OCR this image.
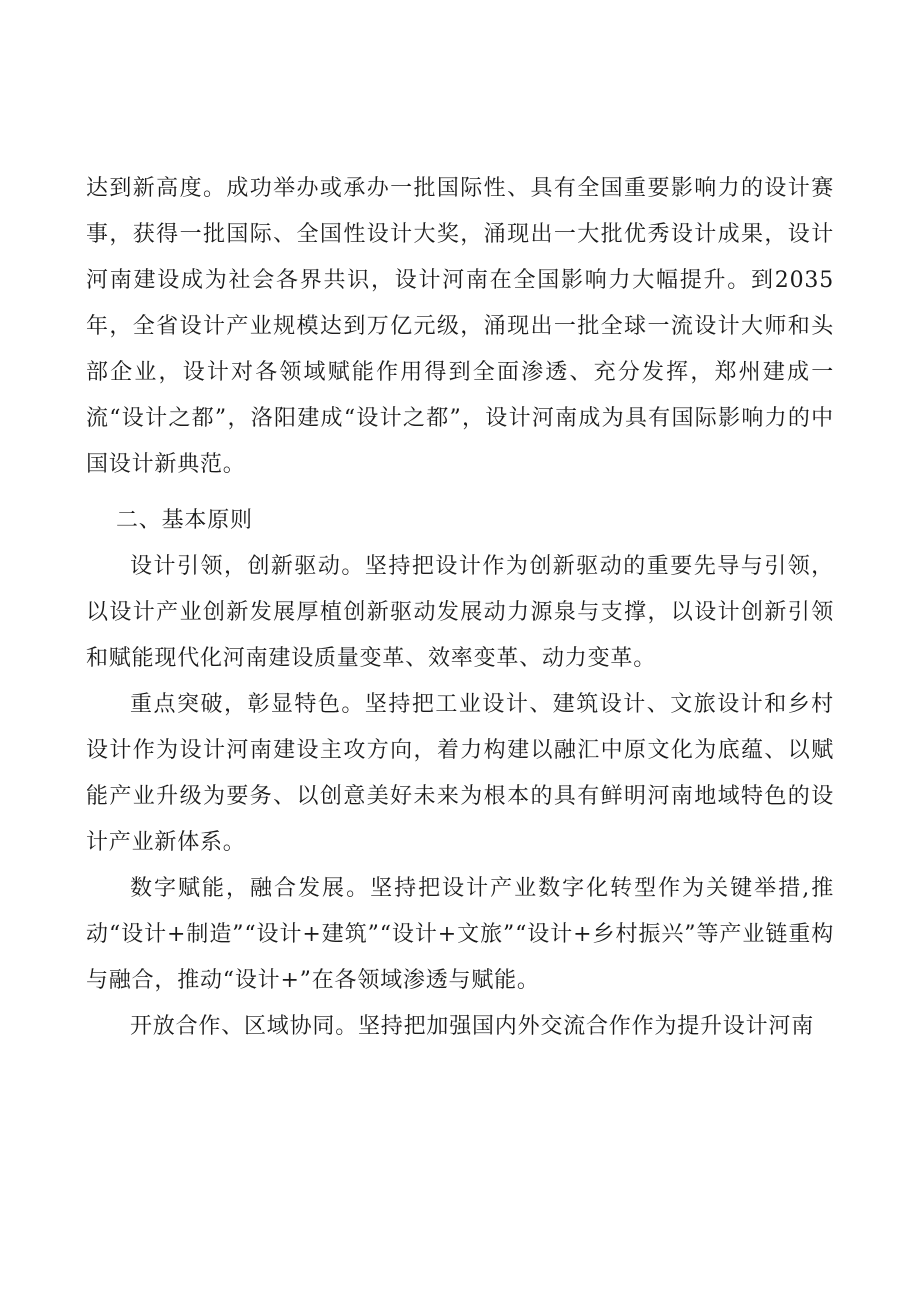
达到新高度。成功举办或承办一批国际性、具有全国重要影响力的设计赛事，获得一批国际、全国性设计大奖，涌现出一大批优秀设计成果，设计河南建设成为社会各界共识，设计河南在全国影响力大幅提升。到2035年，全省设计产业规模达到万亿元级，涌现出一批全球一流设计大师和头部企业，设计对各领域赋能作用得到全面渗透、充分发挥，郑州建成一流“设计之都”，洛阳建成“设计之都”，设计河南成为具有国际影响力的中国设计新典范。

二、基本原则

设计引领，创新驱动。坚持把设计作为创新驱动的重要先导与引领，以设计产业创新发展厚植创新驱动发展动力源泉与支撑，以设计创新引领和赋能现代化河南建设质量变革、效率变革、动力变革。

重点突破，彰显特色。坚持把工业设计、建筑设计、文旅设计和乡村设计作为设计河南建设主攻方向，着力构建以融汇中原文化为底蕴、以赋能产业升级为要务、以创意美好未来为根本的具有鲜明河南地域特色的设计产业新体系。

数字赋能，融合发展。坚持把设计产业数字化转型作为关键举措,推动“设计+制造”“设计+建筑”“设计+文旅”“设计+乡村振兴”等产业链重构与融合，推动“设计+”在各领域渗透与赋能。

开放合作、区域协同。坚持把加强国内外交流合作作为提升设计河南
